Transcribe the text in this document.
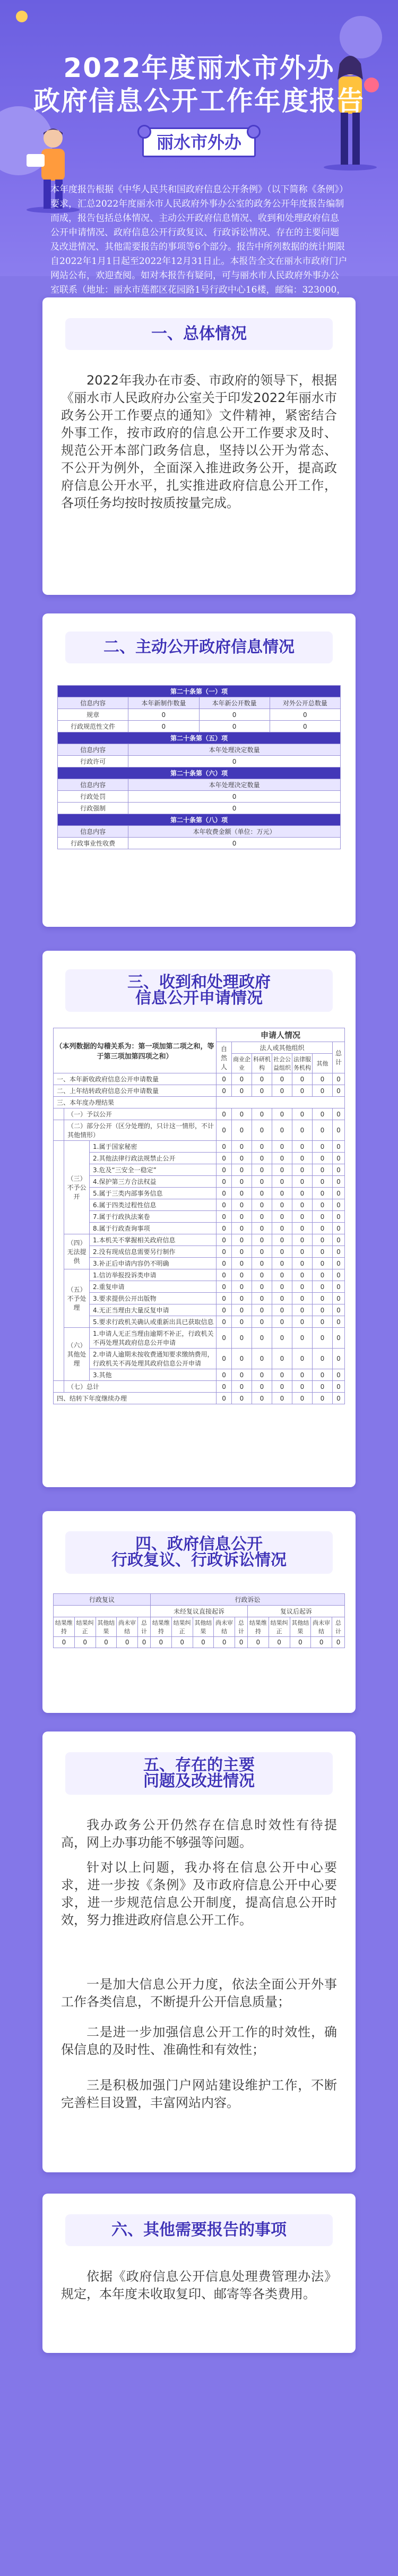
2022年度丽水市外办
政府信息公开工作年度报告
丽水市外办
本年度报告根据《中华人民共和国政府信息公开条例》（以下简称《条例》）要求，汇总2022年度丽水市人民政府外事办公室的政务公开年度报告编制而成，报告包括总体情况、主动公开政府信息情况、收到和处理政府信息公开申请情况、政府信息公开行政复议、行政诉讼情况、存在的主要问题及改进情况、其他需要报告的事项等6个部分。报告中所列数据的统计期限自2022年1月1日起至2022年12月31日止。本报告全文在丽水市政府门户网站公布，欢迎查阅。如对本报告有疑问，可与丽水市人民政府外事办公室联系（地址：丽水市莲都区花园路1号行政中心16楼，邮编：323000，
一、总体情况
2022年我办在市委、市政府的领导下，根据《丽水市人民政府办公室关于印发2022年丽水市政务公开工作要点的通知》文件精神，紧密结合外事工作，按市政府的信息公开工作要求及时、规范公开本部门政务信息，坚持以公开为常态、不公开为例外，全面深入推进政务公开，提高政府信息公开水平，扎实推进政府信息公开工作，各项任务均按时按质按量完成。
二、主动公开政府信息情况
第二十条第（一）项			
信息内容	本年新制作数量	本年新公开数量	对外公开总数量
规章	0	0	0
行政规范性文件	0	0	0
第二十条第（五）项			
信息内容	本年处理决定数量		
行政许可	0		
第二十条第（六）项			
信息内容	本年处理决定数量		
行政处罚	0		
行政强制	0		
第二十条第（八）项			
信息内容	本年收费金额（单位：万元）		
行政事业性收费	0		
三、收到和处理政府
信息公开申请情况
（本列数据的勾稽关系为：第一项加第二项之和，等于第三项加第四项之和）			申请人情况						
			自然人	法人或其他组织					总计
				商业企业	科研机构	社会公益组织	法律服务机构	其他	
一、本年新收政府信息公开申请数量			0	0	0	0	0	0	0
二、上年结转政府信息公开申请数量			0	0	0	0	0	0	0
三、本年度办理结果									
	（一）予以公开		0	0	0	0	0	0	0
	（二）部分公开（区分处理的，只计这一情形，不计其他情形）		0	0	0	0	0	0	0
	（三）不予公开	1.属于国家秘密	0	0	0	0	0	0	0
		2.其他法律行政法规禁止公开	0	0	0	0	0	0	0
		3.危及“三安全一稳定”	0	0	0	0	0	0	0
		4.保护第三方合法权益	0	0	0	0	0	0	0
		5.属于三类内部事务信息	0	0	0	0	0	0	0
		6.属于四类过程性信息	0	0	0	0	0	0	0
		7.属于行政执法案卷	0	0	0	0	0	0	0
		8.属于行政查询事项	0	0	0	0	0	0	0
	（四）无法提供	1.本机关不掌握相关政府信息	0	0	0	0	0	0	0
		2.没有现成信息需要另行制作	0	0	0	0	0	0	0
		3.补正后申请内容仍不明确	0	0	0	0	0	0	0
	（五）不予处理	1.信访举报投诉类申请	0	0	0	0	0	0	0
		2.重复申请	0	0	0	0	0	0	0
		3.要求提供公开出版物	0	0	0	0	0	0	0
		4.无正当理由大量反复申请	0	0	0	0	0	0	0
		5.要求行政机关确认或重新出具已获取信息	0	0	0	0	0	0	0
	（六）其他处理	1.申请人无正当理由逾期不补正，行政机关不再处理其政府信息公开申请	0	0	0	0	0	0	0
		2.申请人逾期未按收费通知要求缴纳费用，行政机关不再处理其政府信息公开申请	0	0	0	0	0	0	0
		3.其他	0	0	0	0	0	0	0
	（七）总计		0	0	0	0	0	0	0
四、结转下年度继续办理			0	0	0	0	0	0	0
四、政府信息公开
行政复议、行政诉讼情况
行政复议					行政诉讼									
					未经复议直接起诉					复议后起诉				
结果维持	结果纠正	其他结果	尚未审结	总计	结果维持	结果纠正	其他结果	尚未审结	总计	结果维持	结果纠正	其他结果	尚未审结	总计
0	0	0	0	0	0	0	0	0	0	0	0	0	0	0
五、存在的主要
问题及改进情况
我办政务公开仍然存在信息时效性有待提高，网上办事功能不够强等问题。
针对以上问题，我办将在信息公开中心要求，进一步按《条例》及市政府信息公开中心要求，进一步规范信息公开制度，提高信息公开时效，努力推进政府信息公开工作。
一是加大信息公开力度，依法全面公开外事工作各类信息，不断提升公开信息质量；
二是进一步加强信息公开工作的时效性，确保信息的及时性、准确性和有效性；
三是积极加强门户网站建设维护工作，不断完善栏目设置，丰富网站内容。
六、其他需要报告的事项
依据《政府信息公开信息处理费管理办法》规定，本年度未收取复印、邮寄等各类费用。
